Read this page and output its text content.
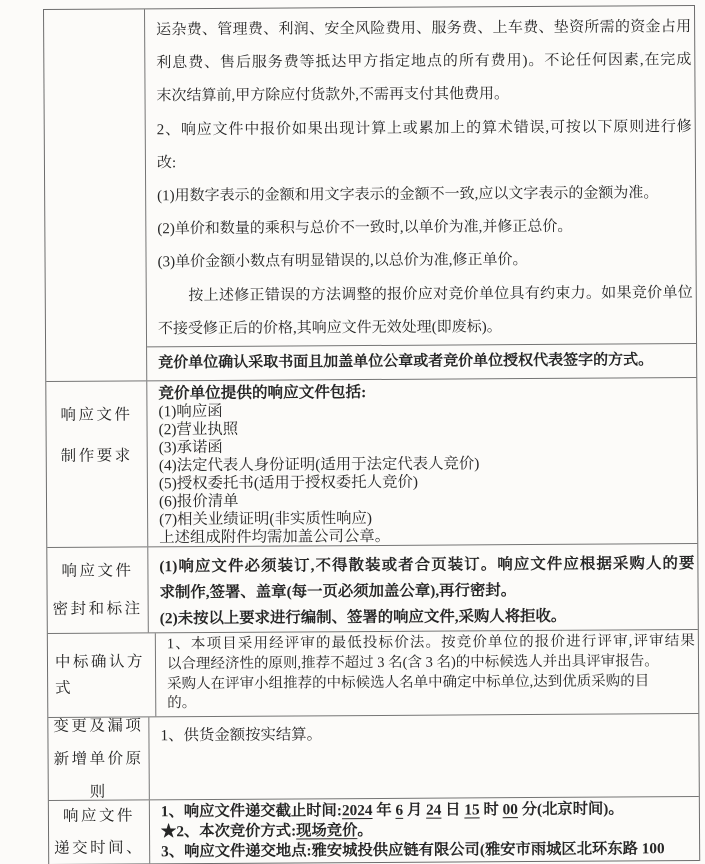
运杂费、管理费、利润、安全风险费用、服务费、上车费、垫资所需的资金占用
利息费、售后服务费等抵达甲方指定地点的所有费用)。不论任何因素,在完成
末次结算前,甲方除应付货款外,不需再支付其他费用。
2、响应文件中报价如果出现计算上或累加上的算术错误,可按以下原则进行修
改:
(1)用数字表示的金额和用文字表示的金额不一致,应以文字表示的金额为准。
(2)单价和数量的乘积与总价不一致时,以单价为准,并修正总价。
(3)单价金额小数点有明显错误的,以总价为准,修正单价。
　　按上述修正错误的方法调整的报价应对竞价单位具有约束力。如果竞价单位
不接受修正后的价格,其响应文件无效处理(即废标)。
竞价单位确认采取书面且加盖单位公章或者竞价单位授权代表签字的方式。
响应文件
制作要求
竞价单位提供的响应文件包括:
(1)响应函
(2)营业执照
(3)承诺函
(4)法定代表人身份证明(适用于法定代表人竞价)
(5)授权委托书(适用于授权委托人竞价)
(6)报价清单
(7)相关业绩证明(非实质性响应)
上述组成附件均需加盖公司公章。
响应文件
密封和标注
(1)响应文件必须装订,不得散装或者合页装订。响应文件应根据采购人的要
求制作,签署、盖章(每一页必须加盖公章),再行密封。
(2)未按以上要求进行编制、签署的响应文件,采购人将拒收。
中标确认方
式
1、本项目采用经评审的最低投标价法。按竞价单位的报价进行评审,评审结果
以合理经济性的原则,推荐不超过 3 名(含 3 名)的中标候选人并出具评审报告。
采购人在评审小组推荐的中标候选人名单中确定中标单位,达到优质采购的目
的。
变更及漏项
新增单价原
则
1、供货金额按实结算。
响应文件
递交时间、
1、响应文件递交截止时间:2024 年 6 月 24 日 15 时 00 分(北京时间)。
★2、本次竞价方式:现场竞价。
3、响应文件递交地点:雅安城投供应链有限公司(雅安市雨城区北环东路 100
